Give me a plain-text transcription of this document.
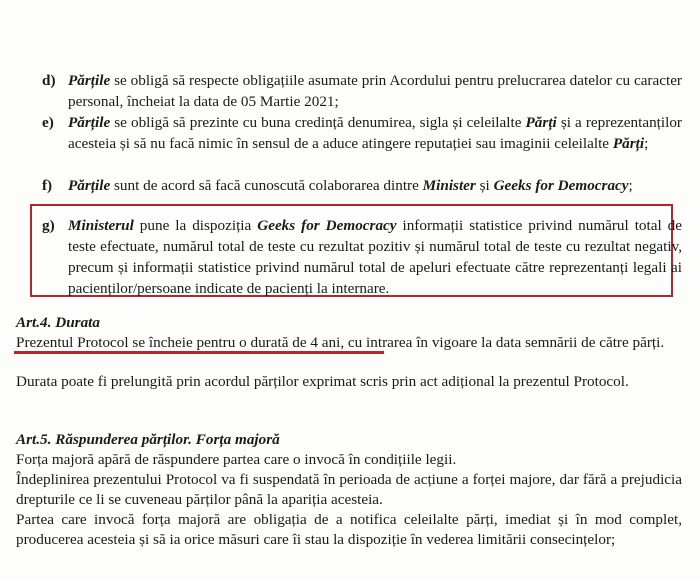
d) Părțile se obligă să respecte obligațiile asumate prin Acordului pentru prelucrarea datelor cu caracter personal, încheiat la data de 05 Martie 2021;
e) Părțile se obligă să prezinte cu buna credință denumirea, sigla și celeilalte Părți și a reprezentanților acesteia și să nu facă nimic în sensul de a aduce atingere reputației sau imaginii celeilalte Părți;
f) Părțile sunt de acord să facă cunoscută colaborarea dintre Minister și Geeks for Democracy;
g) Ministerul pune la dispoziția Geeks for Democracy informații statistice privind numărul total de teste efectuate, numărul total de teste cu rezultat pozitiv și numărul total de teste cu rezultat negativ, precum și informații statistice privind numărul total de apeluri efectuate către reprezentanți legali ai pacienților/persoane indicate de pacienți la internare.
Art.4. Durata
Prezentul Protocol se încheie pentru o durată de 4 ani, cu intrarea în vigoare la data semnării de către părți.
Durata poate fi prelungită prin acordul părților exprimat scris prin act adițional la prezentul Protocol.
Art.5. Răspunderea părților. Forța majoră
Forța majoră apără de răspundere partea care o invocă în condițiile legii.
Îndeplinirea prezentului Protocol va fi suspendată în perioada de acțiune a forței majore, dar fără a prejudicia drepturile ce li se cuveneau părților până la apariția acesteia.
Partea care invocă forța majoră are obligația de a notifica celeilalte părți, imediat și în mod complet, producerea acesteia și să ia orice măsuri care îi stau la dispoziție în vederea limitării consecințelor;
